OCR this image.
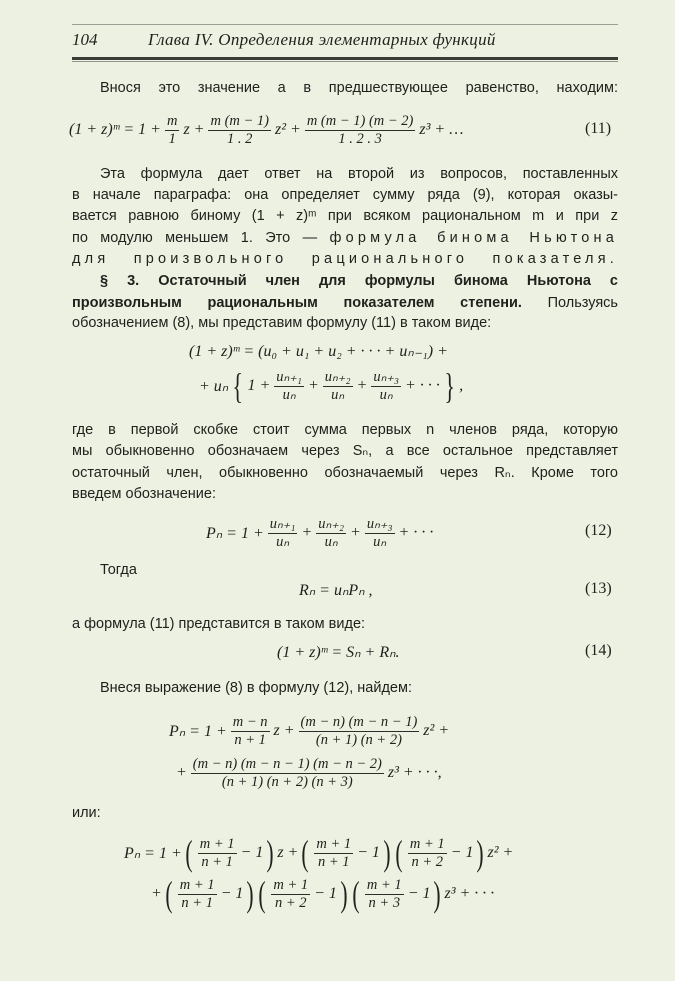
104	Глава IV. Определения элементарных функций
Внося это значение a в предшествующее равенство, находим:
(1 + z)ᵐ = $1 + \frac{m}{1}$ $z + \frac{m (m - 1)}{1 . 2} z^2 + \frac{m (m - 1) (m - 2)}{1 . 2 . 3} z^3$ + …	(11)
Эта формула дает ответ на второй из вопросов, поставленных
в начале параграфа: она определяет сумму ряда (9), которая оказы-
вается равною биному (1 + z)ᵐ при всяком рациональном m и при z
по модулю меньшем 1. Это — формула бинома Ньютона
для произвольного рационального показателя.
§ 3. Остаточный член для формулы бинома Ньютона с
произвольным рациональным показателем степени. Пользуясь
обозначением (8), мы представим формулу (11) в таком виде:
(1 + z)ᵐ = (u₀ + u₁ + u₂ + · · · + uₙ₋₁) +
+ uₙ { $1 + \frac{\text{uₙ₊₁}}{\text{uₙ}} + \frac{\text{uₙ₊₂}}{\text{uₙ}} + \frac{\text{uₙ₊₃}}{\text{uₙ}}$ + · · · } ,
где в первой скобке стоит сумма первых n членов ряда, которую
мы обыкновенно обозначаем через Sₙ, а все остальное представляет
остаточный член, обыкновенно обозначаемый через Rₙ. Кроме того
введем обозначение:
$P_n = 1 + \frac{\text{uₙ₊₁}}{\text{uₙ}} + \frac{\text{uₙ₊₂}}{\text{uₙ}} + \frac{\text{uₙ₊₃}}{\text{uₙ}}$ + · · ·	(12)
Тогда
Rₙ = uₙPₙ ,	(13)
а формула (11) представится в таком виде:
(1 + z)ᵐ = Sₙ + Rₙ.	(14)
Внеся выражение (8) в формулу (12), найдем:
$P_n = 1 + \frac{m - n}{n + 1}$ $z + \frac{(m - n) (m - n - 1)}{(n + 1) (n + 2)} z^2$ +
+ $\frac{(m - n) (m - n - 1) (m - n - 2)}{(n + 1) (n + 2) (n + 3)} z^3$ + · · ·,
или:
Pₙ = 1 + ( $\frac{m + 1}{n + 1} - 1$ ) z + ( $\frac{m + 1}{n + 1} - 1$ ) ( $\frac{m + 1}{n + 2} - 1$ ) z² +
+ ( $\frac{m + 1}{n + 1} - 1$ ) ( $\frac{m + 1}{n + 2} - 1$ ) ( $\frac{m + 1}{n + 3} - 1$ ) z³ + · · ·
